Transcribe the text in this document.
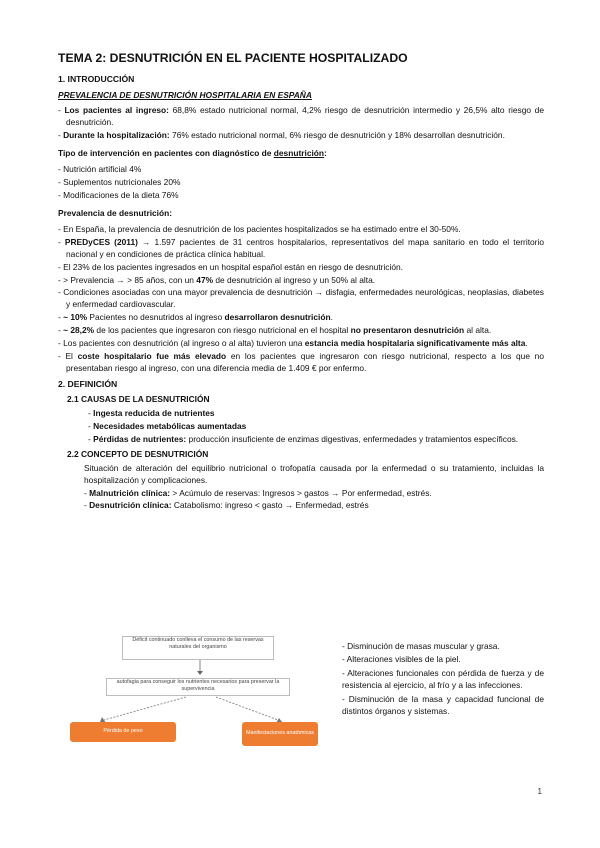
TEMA 2: DESNUTRICIÓN EN EL PACIENTE HOSPITALIZADO
1. INTRODUCCIÓN
PREVALENCIA DE DESNUTRICIÓN HOSPITALARIA EN ESPAÑA

- Los pacientes al ingreso: 68,8% estado nutricional normal, 4,2% riesgo de desnutrición intermedio y 26,5% alto riesgo de desnutrición.

- Durante la hospitalización: 76% estado nutricional normal, 6% riesgo de desnutrición y 18% desarrollan desnutrición.

Tipo de intervención en pacientes con diagnóstico de desnutrición:

- Nutrición artificial 4%

- Suplementos nutricionales 20%

- Modificaciones de la dieta 76%

Prevalencia de desnutrición:

- En España, la prevalencia de desnutrición de los pacientes hospitalizados se ha estimado entre el 30-50%.

- PREDyCES (2011) → 1.597 pacientes de 31 centros hospitalarios, representativos del mapa sanitario en todo el territorio nacional y en condiciones de práctica clínica habitual.

- El 23% de los pacientes ingresados en un hospital español están en riesgo de desnutrición.

- > Prevalencia → > 85 años, con un 47% de desnutrición al ingreso y un 50% al alta.

- Condiciones asociadas con una mayor prevalencia de desnutrición → disfagia, enfermedades neurológicas, neoplasias, diabetes y enfermedad cardiovascular.

- ~ 10% Pacientes no desnutridos al ingreso desarrollaron desnutrición.

- ~ 28,2% de los pacientes que ingresaron con riesgo nutricional en el hospital no presentaron desnutrición al alta.

- Los pacientes con desnutrición (al ingreso o al alta) tuvieron una estancia media hospitalaria significativamente más alta.

- El coste hospitalario fue más elevado en los pacientes que ingresaron con riesgo nutricional, respecto a los que no presentaban riesgo al ingreso, con una diferencia media de 1.409 € por enfermo.

2. DEFINICIÓN
2.1 CAUSAS DE LA DESNUTRICIÓN

- Ingesta reducida de nutrientes

- Necesidades metabólicas aumentadas

- Pérdidas de nutrientes: producción insuficiente de enzimas digestivas, enfermedades y tratamientos específicos.

2.2 CONCEPTO DE DESNUTRICIÓN

Situación de alteración del equilibrio nutricional o trofopatía causada por la enfermedad o su tratamiento, incluidas la hospitalización y complicaciones.

- Malnutrición clínica: > Acúmulo de reservas: Ingresos > gastos → Por enfermedad, estrés.

- Desnutrición clínica: Catabolismo: ingreso < gasto → Enfermedad, estrés

Déficit continuado conlleva el consumo de las reservas naturales del organismo
autofagia para conseguir los nutrientes necesarios para preservar la supervivencia
Pérdida de peso	Manifestaciones anatómicas

- Disminución de masas muscular y grasa.

- Alteraciones visibles de la piel.

- Alteraciones funcionales con pérdida de fuerza y de resistencia al ejercicio, al frío y a las infecciones.

- Disminución de la masa y capacidad funcional de distintos órganos y sistemas.

1
